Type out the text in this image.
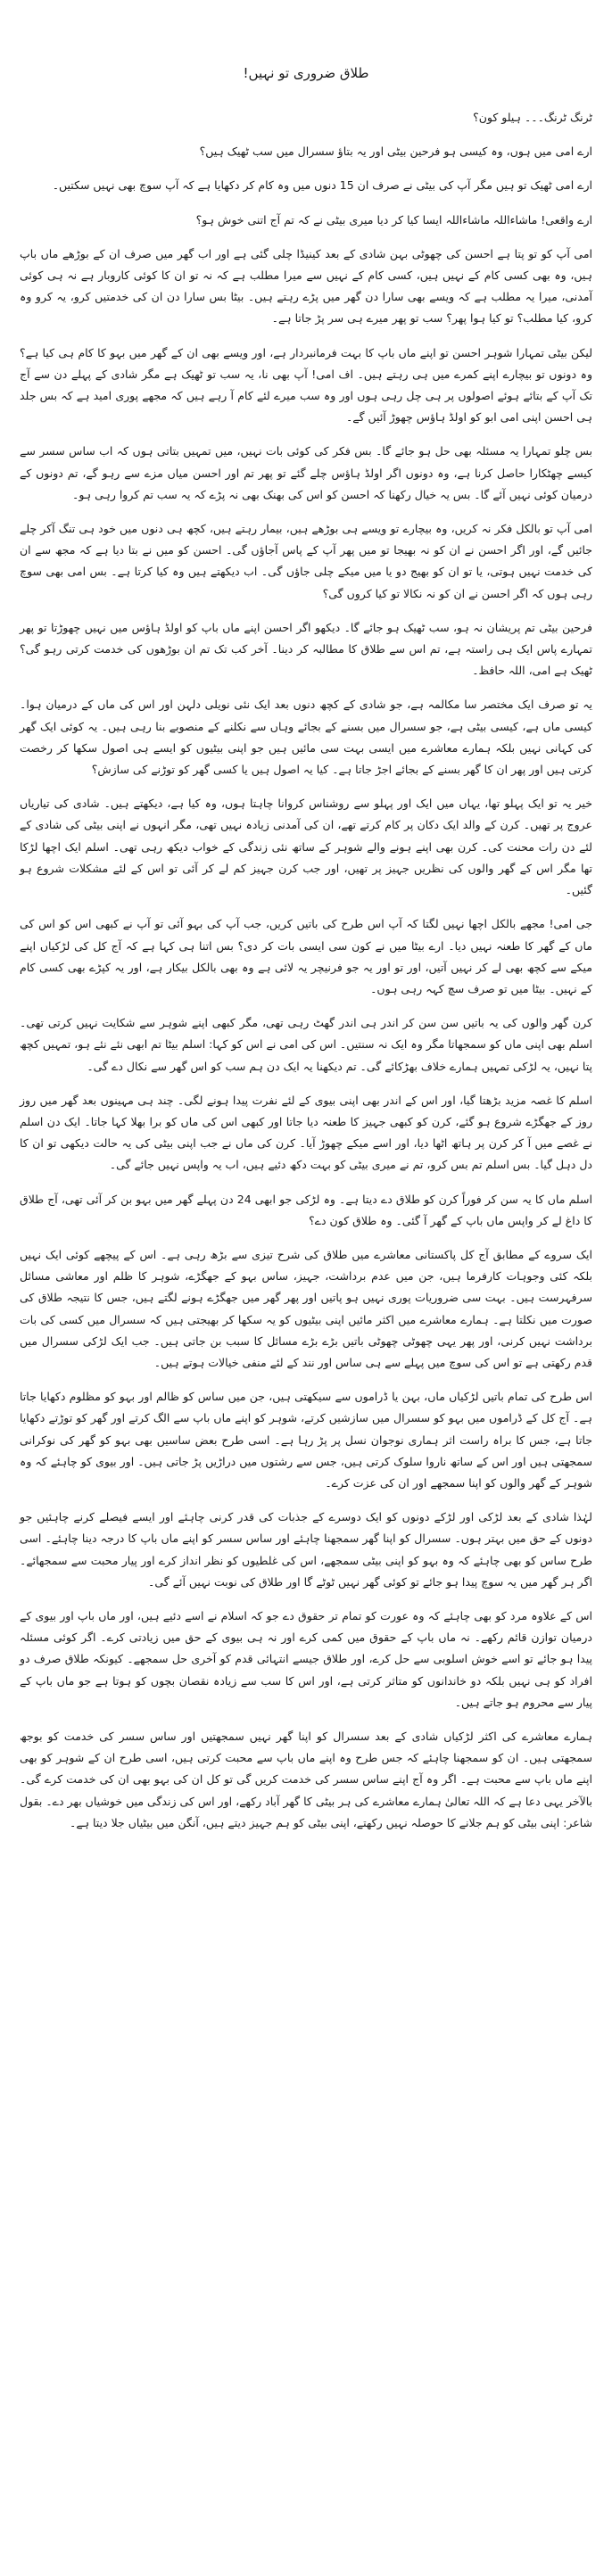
طلاق ضروری تو نہیں!

ٹرنگ ٹرنگ۔۔۔ ہیلو کون؟

ارے امی میں ہوں، وہ کیسی ہو فرحین بیٹی اور یہ بتاؤ سسرال میں سب ٹھیک ہیں؟

ارے امی ٹھیک تو ہیں مگر آپ کی بیٹی نے صرف ان 15 دنوں میں وہ کام کر دکھایا ہے کہ آپ سوچ بھی نہیں سکتیں۔

ارے واقعی! ماشاءاللہ ماشاءاللہ ایسا کیا کر دیا میری بیٹی نے کہ تم آج اتنی خوش ہو؟

امی آپ کو تو پتا ہے احسن کی چھوٹی بہن شادی کے بعد کینیڈا چلی گئی ہے اور اب گھر میں صرف ان کے بوڑھے ماں باپ ہیں، وہ بھی کسی کام کے نہیں ہیں، کسی کام کے نہیں سے میرا مطلب ہے کہ نہ تو ان کا کوئی کاروبار ہے نہ ہی کوئی آمدنی، میرا یہ مطلب ہے کہ ویسے بھی سارا دن گھر میں پڑے رہتے ہیں۔ بیٹا بس سارا دن ان کی خدمتیں کرو، یہ کرو وہ کرو، کیا مطلب؟ تو کیا ہوا پھر؟ سب تو پھر میرے ہی سر پڑ جاتا ہے۔

لیکن بیٹی تمہارا شوہر احسن تو اپنے ماں باپ کا بہت فرمانبردار ہے، اور ویسے بھی ان کے گھر میں بہو کا کام ہی کیا ہے؟ وہ دونوں تو بیچارے اپنے کمرے میں ہی رہتے ہیں۔ اف امی! آپ بھی نا، یہ سب تو ٹھیک ہے مگر شادی کے پہلے دن سے آج تک آپ کے بتائے ہوئے اصولوں پر ہی چل رہی ہوں اور وہ سب میرے لئے کام آ رہے ہیں کہ مجھے پوری امید ہے کہ بس جلد ہی احسن اپنی امی ابو کو اولڈ ہاؤس چھوڑ آئیں گے۔

بس چلو تمہارا یہ مسئلہ بھی حل ہو جائے گا۔ بس فکر کی کوئی بات نہیں، میں تمہیں بتاتی ہوں کہ اب ساس سسر سے کیسے چھٹکارا حاصل کرنا ہے، وہ دونوں اگر اولڈ ہاؤس چلے گئے تو پھر تم اور احسن میاں مزے سے رہو گے، تم دونوں کے درمیان کوئی نہیں آئے گا۔ بس یہ خیال رکھنا کہ احسن کو اس کی بھنک بھی نہ پڑے کہ یہ سب تم کروا رہی ہو۔

امی آپ تو بالکل فکر نہ کریں، وہ بیچارے تو ویسے ہی بوڑھے ہیں، بیمار رہتے ہیں، کچھ ہی دنوں میں خود ہی تنگ آکر چلے جائیں گے، اور اگر احسن نے ان کو نہ بھیجا تو میں پھر آپ کے پاس آجاؤں گی۔ احسن کو میں نے بتا دیا ہے کہ مجھ سے ان کی خدمت نہیں ہوتی، یا تو ان کو بھیج دو یا میں میکے چلی جاؤں گی۔ اب دیکھتے ہیں وہ کیا کرتا ہے۔ بس امی بھی سوچ رہی ہوں کہ اگر احسن نے ان کو نہ نکالا تو کیا کروں گی؟

فرحین بیٹی تم پریشان نہ ہو، سب ٹھیک ہو جائے گا۔ دیکھو اگر احسن اپنے ماں باپ کو اولڈ ہاؤس میں نہیں چھوڑتا تو پھر تمہارے پاس ایک ہی راستہ ہے، تم اس سے طلاق کا مطالبہ کر دینا۔ آخر کب تک تم ان بوڑھوں کی خدمت کرتی رہو گی؟ ٹھیک ہے امی، اللہ حافظ۔

یہ تو صرف ایک مختصر سا مکالمہ ہے، جو شادی کے کچھ دنوں بعد ایک نئی نویلی دلہن اور اس کی ماں کے درمیان ہوا۔ کیسی ماں ہے، کیسی بیٹی ہے، جو سسرال میں بسنے کے بجائے وہاں سے نکلنے کے منصوبے بنا رہی ہیں۔ یہ کوئی ایک گھر کی کہانی نہیں بلکہ ہمارے معاشرے میں ایسی بہت سی مائیں ہیں جو اپنی بیٹیوں کو ایسے ہی اصول سکھا کر رخصت کرتی ہیں اور پھر ان کا گھر بسنے کے بجائے اجڑ جاتا ہے۔ کیا یہ اصول ہیں یا کسی گھر کو توڑنے کی سازش؟

خیر یہ تو ایک پہلو تھا، یہاں میں ایک اور پہلو سے روشناس کروانا چاہتا ہوں، وہ کیا ہے، دیکھتے ہیں۔ شادی کی تیاریاں عروج پر تھیں۔ کرن کے والد ایک دکان پر کام کرتے تھے، ان کی آمدنی زیادہ نہیں تھی، مگر انہوں نے اپنی بیٹی کی شادی کے لئے دن رات محنت کی۔ کرن بھی اپنے ہونے والے شوہر کے ساتھ نئی زندگی کے خواب دیکھ رہی تھی۔ اسلم ایک اچھا لڑکا تھا مگر اس کے گھر والوں کی نظریں جہیز پر تھیں، اور جب کرن جہیز کم لے کر آئی تو اس کے لئے مشکلات شروع ہو گئیں۔

جی امی! مجھے بالکل اچھا نہیں لگتا کہ آپ اس طرح کی باتیں کریں، جب آپ کی بہو آئی تو آپ نے کبھی اس کو اس کی ماں کے گھر کا طعنہ نہیں دیا۔ ارے بیٹا میں نے کون سی ایسی بات کر دی؟ بس اتنا ہی کہا ہے کہ آج کل کی لڑکیاں اپنے میکے سے کچھ بھی لے کر نہیں آتیں، اور تو اور یہ جو فرنیچر یہ لائی ہے وہ بھی بالکل بیکار ہے، اور یہ کپڑے بھی کسی کام کے نہیں۔ بیٹا میں تو صرف سچ کہہ رہی ہوں۔

کرن گھر والوں کی یہ باتیں سن سن کر اندر ہی اندر گھٹ رہی تھی، مگر کبھی اپنے شوہر سے شکایت نہیں کرتی تھی۔ اسلم بھی اپنی ماں کو سمجھاتا مگر وہ ایک نہ سنتیں۔ اس کی امی نے اس کو کہا: اسلم بیٹا تم ابھی نئے نئے ہو، تمہیں کچھ پتا نہیں، یہ لڑکی تمہیں ہمارے خلاف بھڑکائے گی۔ تم دیکھنا یہ ایک دن ہم سب کو اس گھر سے نکال دے گی۔

اسلم کا غصہ مزید بڑھتا گیا، اور اس کے اندر بھی اپنی بیوی کے لئے نفرت پیدا ہونے لگی۔ چند ہی مہینوں بعد گھر میں روز روز کے جھگڑے شروع ہو گئے، کرن کو کبھی جہیز کا طعنہ دیا جاتا اور کبھی اس کی ماں کو برا بھلا کہا جاتا۔ ایک دن اسلم نے غصے میں آ کر کرن پر ہاتھ اٹھا دیا، اور اسے میکے چھوڑ آیا۔ کرن کی ماں نے جب اپنی بیٹی کی یہ حالت دیکھی تو ان کا دل دہل گیا۔ بس اسلم تم بس کرو، تم نے میری بیٹی کو بہت دکھ دئیے ہیں، اب یہ واپس نہیں جائے گی۔

اسلم ماں کا یہ سن کر فوراً کرن کو طلاق دے دیتا ہے۔ وہ لڑکی جو ابھی 24 دن پہلے گھر میں بہو بن کر آئی تھی، آج طلاق کا داغ لے کر واپس ماں باپ کے گھر آ گئی۔ وہ طلاق کون دے؟

ایک سروے کے مطابق آج کل پاکستانی معاشرے میں طلاق کی شرح تیزی سے بڑھ رہی ہے۔ اس کے پیچھے کوئی ایک نہیں بلکہ کئی وجوہات کارفرما ہیں، جن میں عدم برداشت، جہیز، ساس بہو کے جھگڑے، شوہر کا ظلم اور معاشی مسائل سرفہرست ہیں۔ بہت سی ضروریات پوری نہیں ہو پاتیں اور پھر گھر میں جھگڑے ہونے لگتے ہیں، جس کا نتیجہ طلاق کی صورت میں نکلتا ہے۔ ہمارے معاشرے میں اکثر مائیں اپنی بیٹیوں کو یہ سکھا کر بھیجتی ہیں کہ سسرال میں کسی کی بات برداشت نہیں کرنی، اور پھر یہی چھوٹی چھوٹی باتیں بڑے بڑے مسائل کا سبب بن جاتی ہیں۔ جب ایک لڑکی سسرال میں قدم رکھتی ہے تو اس کی سوچ میں پہلے سے ہی ساس اور نند کے لئے منفی خیالات ہوتے ہیں۔

اس طرح کی تمام باتیں لڑکیاں ماں، بہن یا ڈراموں سے سیکھتی ہیں، جن میں ساس کو ظالم اور بہو کو مظلوم دکھایا جاتا ہے۔ آج کل کے ڈراموں میں بہو کو سسرال میں سازشیں کرتے، شوہر کو اپنے ماں باپ سے الگ کرتے اور گھر کو توڑتے دکھایا جاتا ہے، جس کا براہ راست اثر ہماری نوجوان نسل پر پڑ رہا ہے۔ اسی طرح بعض ساسیں بھی بہو کو گھر کی نوکرانی سمجھتی ہیں اور اس کے ساتھ ناروا سلوک کرتی ہیں، جس سے رشتوں میں دراڑیں پڑ جاتی ہیں۔ اور بیوی کو چاہئے کہ وہ شوہر کے گھر والوں کو اپنا سمجھے اور ان کی عزت کرے۔

لہٰذا شادی کے بعد لڑکی اور لڑکے دونوں کو ایک دوسرے کے جذبات کی قدر کرنی چاہئے اور ایسے فیصلے کرنے چاہئیں جو دونوں کے حق میں بہتر ہوں۔ سسرال کو اپنا گھر سمجھنا چاہئے اور ساس سسر کو اپنے ماں باپ کا درجہ دینا چاہئے۔ اسی طرح ساس کو بھی چاہئے کہ وہ بہو کو اپنی بیٹی سمجھے، اس کی غلطیوں کو نظر انداز کرے اور پیار محبت سے سمجھائے۔ اگر ہر گھر میں یہ سوچ پیدا ہو جائے تو کوئی گھر نہیں ٹوٹے گا اور طلاق کی نوبت نہیں آئے گی۔

اس کے علاوہ مرد کو بھی چاہئے کہ وہ عورت کو تمام تر حقوق دے جو کہ اسلام نے اسے دئیے ہیں، اور ماں باپ اور بیوی کے درمیان توازن قائم رکھے۔ نہ ماں باپ کے حقوق میں کمی کرے اور نہ ہی بیوی کے حق میں زیادتی کرے۔ اگر کوئی مسئلہ پیدا ہو جائے تو اسے خوش اسلوبی سے حل کرے، اور طلاق جیسے انتہائی قدم کو آخری حل سمجھے۔ کیونکہ طلاق صرف دو افراد کو ہی نہیں بلکہ دو خاندانوں کو متاثر کرتی ہے، اور اس کا سب سے زیادہ نقصان بچوں کو ہوتا ہے جو ماں باپ کے پیار سے محروم ہو جاتے ہیں۔

ہمارے معاشرے کی اکثر لڑکیاں شادی کے بعد سسرال کو اپنا گھر نہیں سمجھتیں اور ساس سسر کی خدمت کو بوجھ سمجھتی ہیں۔ ان کو سمجھنا چاہئے کہ جس طرح وہ اپنے ماں باپ سے محبت کرتی ہیں، اسی طرح ان کے شوہر کو بھی اپنے ماں باپ سے محبت ہے۔ اگر وہ آج اپنے ساس سسر کی خدمت کریں گی تو کل ان کی بہو بھی ان کی خدمت کرے گی۔ بالآخر یہی دعا ہے کہ اللہ تعالیٰ ہمارے معاشرے کی ہر بیٹی کا گھر آباد رکھے، اور اس کی زندگی میں خوشیاں بھر دے۔ بقول شاعر: اپنی بیٹی کو ہم جلانے کا حوصلہ نہیں رکھتے، اپنی بیٹی کو ہم جہیز دیتے ہیں، آنگن میں بیٹیاں جلا دیتا ہے۔
